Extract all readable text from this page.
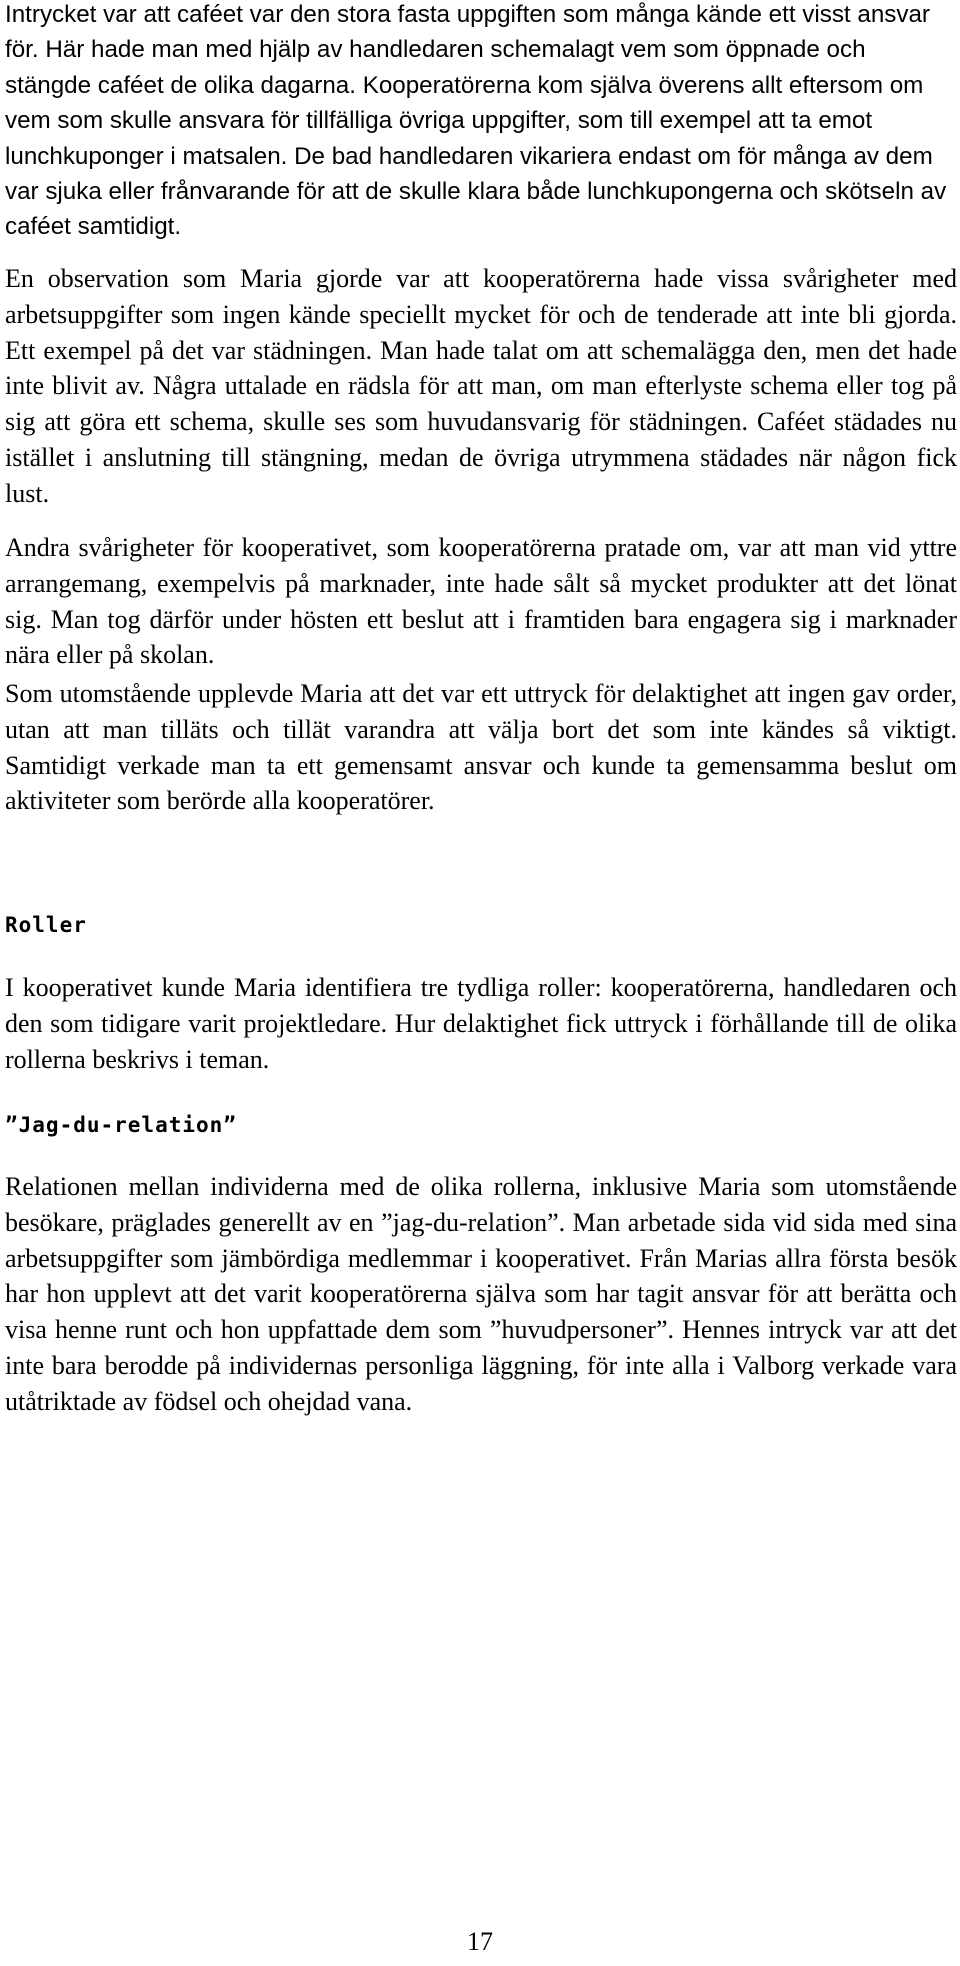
Intrycket var att caféet var den stora fasta uppgiften som många kände ett visst ansvar för. Här hade man med hjälp av handledaren schemalagt vem som öppnade och stängde caféet de olika dagarna. Kooperatörerna kom själva överens allt eftersom om vem som skulle ansvara för tillfälliga övriga uppgifter, som till exempel att ta emot lunchkuponger i matsalen. De bad handledaren vikariera endast om för många av dem var sjuka eller frånvarande för att de skulle klara både lunchkupongerna och skötseln av caféet samtidigt.

En observation som Maria gjorde var att kooperatörerna hade vissa svårigheter med arbetsuppgifter som ingen kände speciellt mycket för och de tenderade att inte bli gjorda. Ett exempel på det var städningen. Man hade talat om att schemalägga den, men det hade inte blivit av. Några uttalade en rädsla för att man, om man efterlyste schema eller tog på sig att göra ett schema, skulle ses som huvudansvarig för städningen. Caféet städades nu istället i anslutning till stängning, medan de övriga utrymmena städades när någon fick lust.

Andra svårigheter för kooperativet, som kooperatörerna pratade om, var att man vid yttre arrangemang, exempelvis på marknader, inte hade sålt så mycket produkter att det lönat sig. Man tog därför under hösten ett beslut att i framtiden bara engagera sig i marknader nära eller på skolan.

Som utomstående upplevde Maria att det var ett uttryck för delaktighet att ingen gav order, utan att man tilläts och tillät varandra att välja bort det som inte kändes så viktigt. Samtidigt verkade man ta ett gemensamt ansvar och kunde ta gemensamma beslut om aktiviteter som berörde alla kooperatörer.

Roller

I kooperativet kunde Maria identifiera tre tydliga roller: kooperatörerna, handledaren och den som tidigare varit projektledare. Hur delaktighet fick uttryck i förhållande till de olika rollerna beskrivs i teman.

”Jag-du-relation”

Relationen mellan individerna med de olika rollerna, inklusive Maria som utomstående besökare, präglades generellt av en ”jag-du-relation”. Man arbetade sida vid sida med sina arbetsuppgifter som jämbördiga medlemmar i kooperativet. Från Marias allra första besök har hon upplevt att det varit kooperatörerna själva som har tagit ansvar för att berätta och visa henne runt och hon uppfattade dem som ”huvudpersoner”. Hennes intryck var att det inte bara berodde på individernas personliga läggning, för inte alla i Valborg verkade vara utåtriktade av födsel och ohejdad vana.

17
